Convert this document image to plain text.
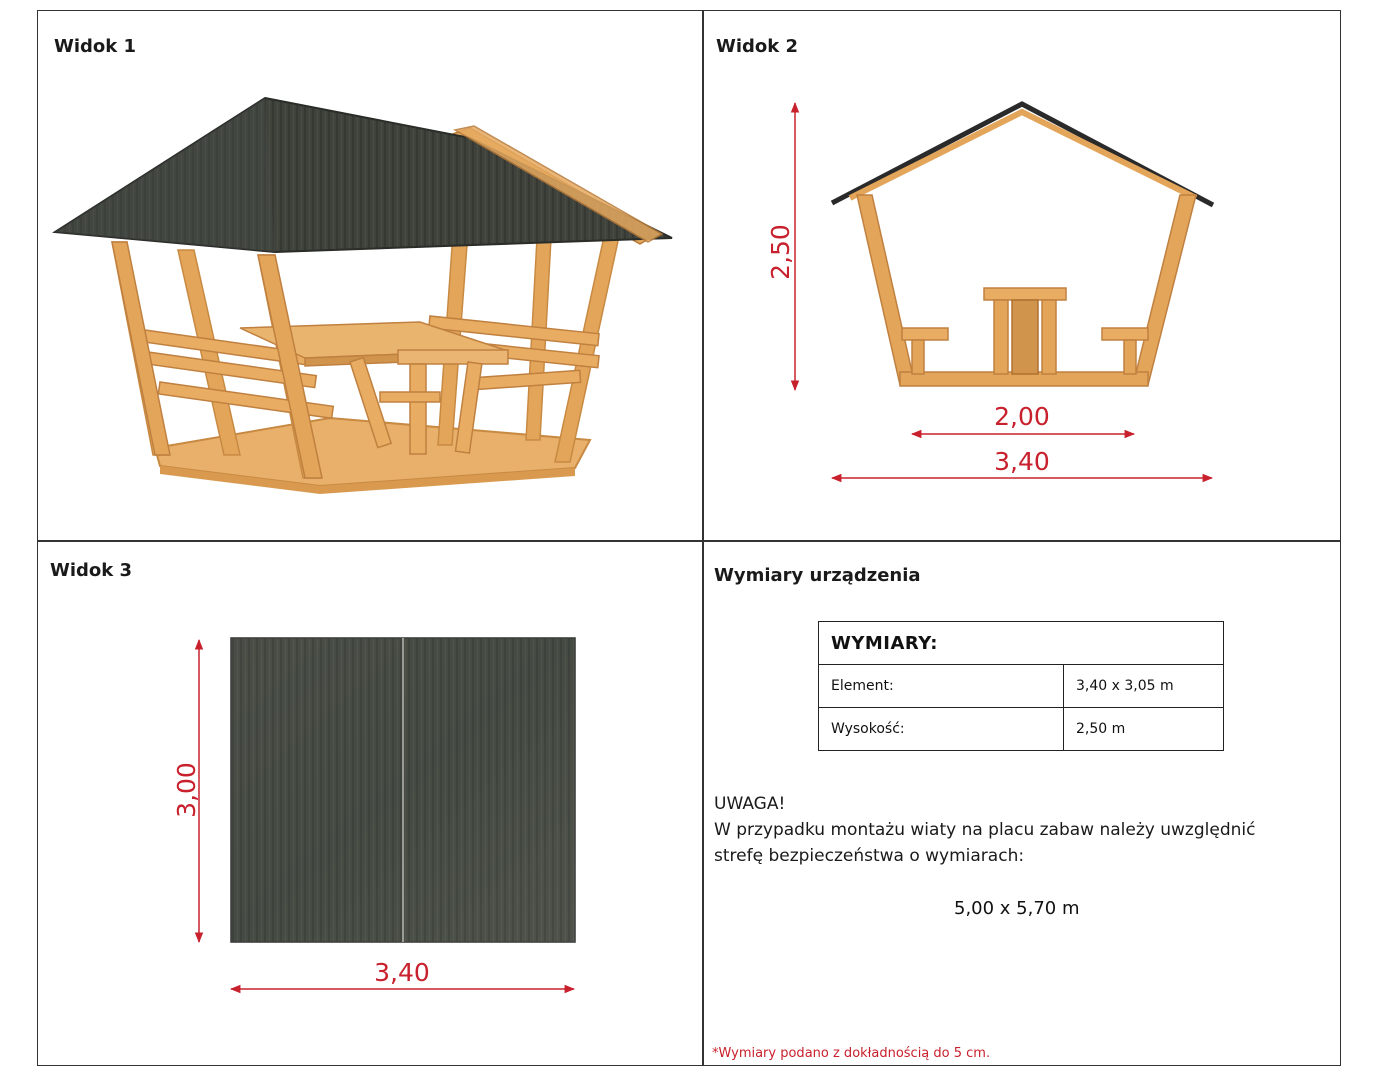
Widok 1	Widok 2
Widok 3	Wymiary urządzenia
2,50
2,00
3,40
3,00
3,40
WYMIARY:	
Element:	3,40 x 3,05 m
Wysokość:	2,50 m
UWAGA!
W przypadku montażu wiaty na placu zabaw należy uwzględnić
strefę bezpieczeństwa o wymiarach:
5,00 x 5,70 m
*Wymiary podano z dokładnością do 5 cm.
